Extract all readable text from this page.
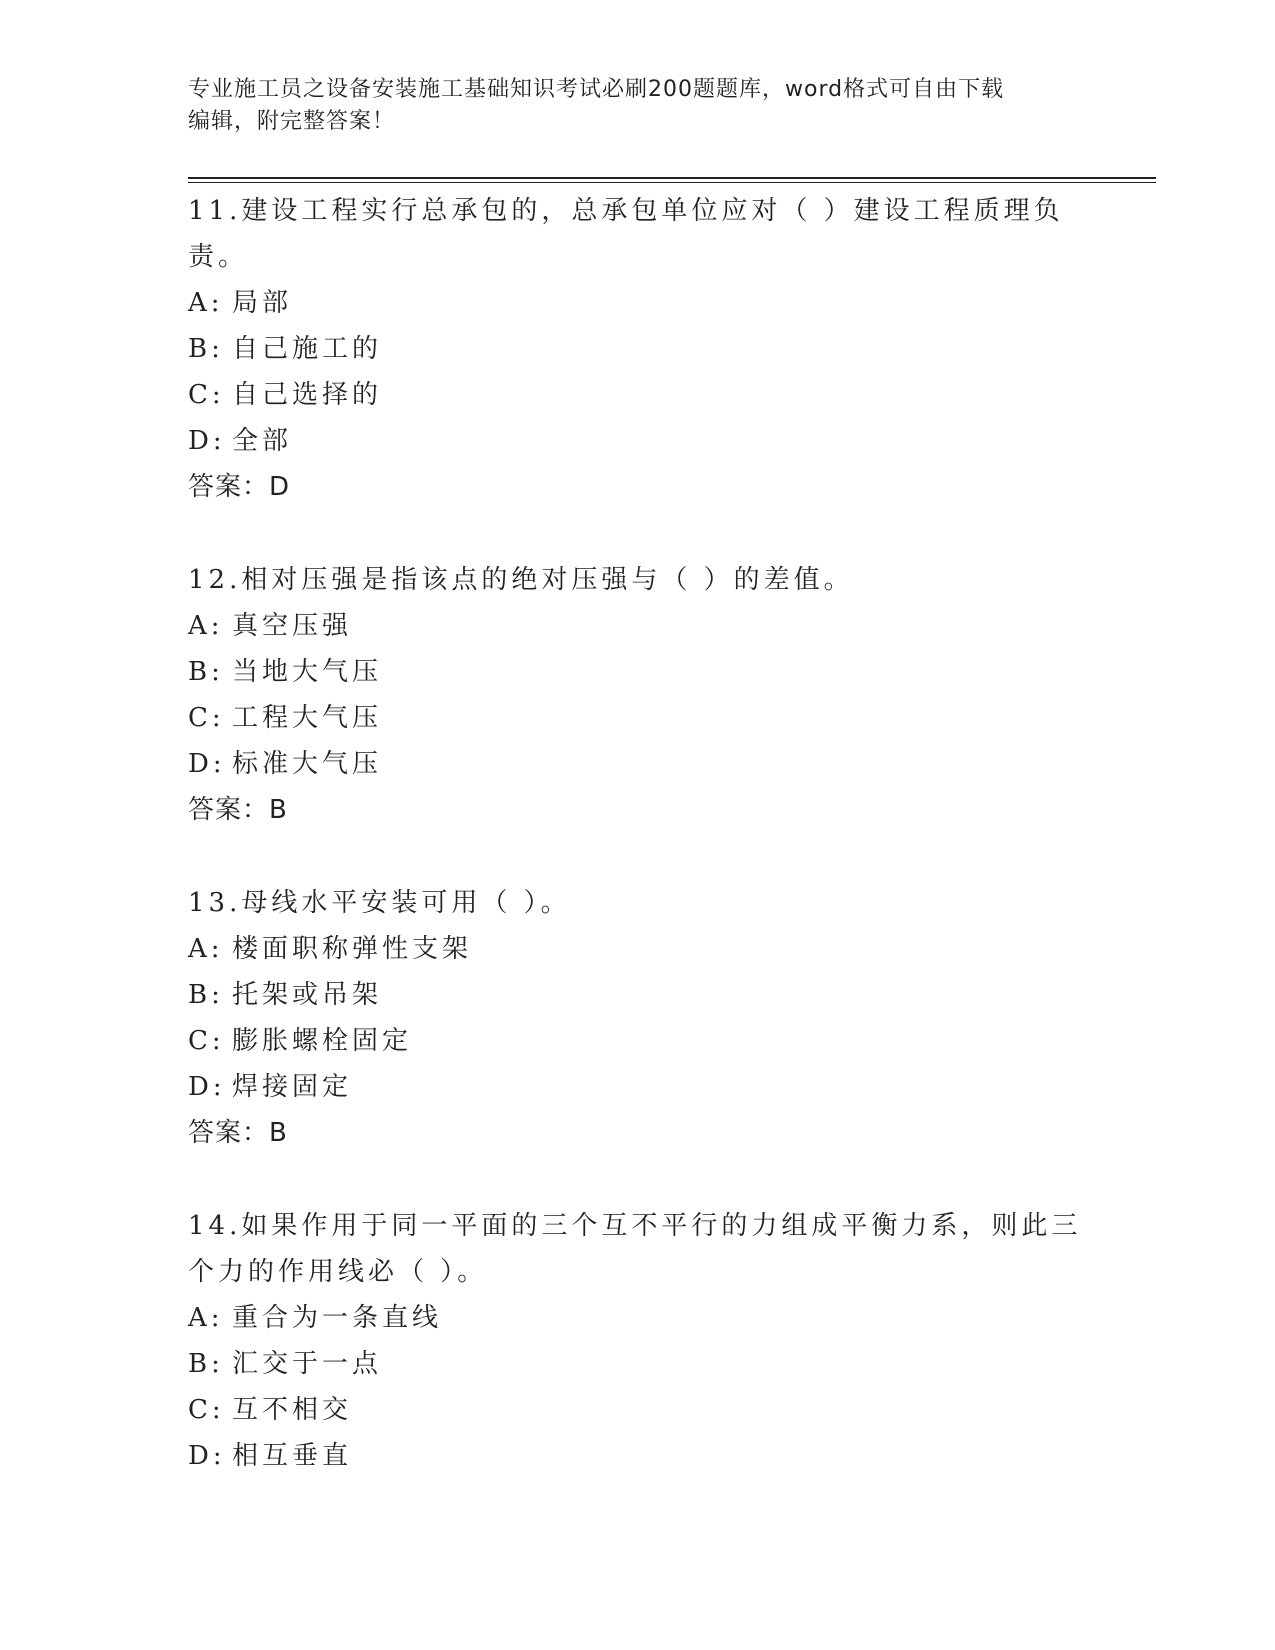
专业施工员之设备安装施工基础知识考试必刷200题题库，word格式可自由下载
编辑，附完整答案！
11.建设工程实行总承包的，总承包单位应对（ ）建设工程质理负责。
A: 局部
B: 自己施工的
C: 自己选择的
D: 全部
答案：D
12.相对压强是指该点的绝对压强与（ ）的差值。
A: 真空压强
B: 当地大气压
C: 工程大气压
D: 标准大气压
答案：B
13.母线水平安装可用（ ）。
A: 楼面职称弹性支架
B: 托架或吊架
C: 膨胀螺栓固定
D: 焊接固定
答案：B
14.如果作用于同一平面的三个互不平行的力组成平衡力系，则此三个力的作用线必（ ）。
A: 重合为一条直线
B: 汇交于一点
C: 互不相交
D: 相互垂直
